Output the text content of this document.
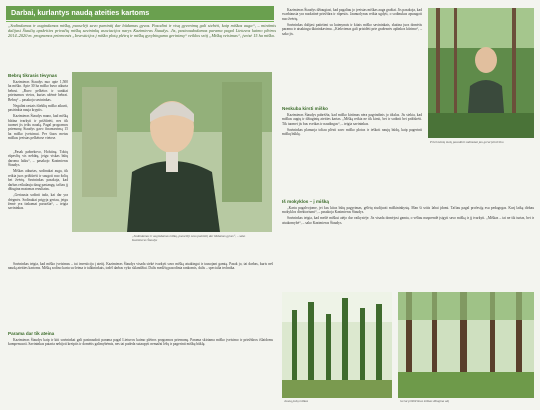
Darbai, kurlantys naudą ateities kartoms
„Sodindamas ir augindamas mišką, puoselėji savo pamintiį dar būdamas gyvas. Pasodini ir visą gyvenimą gali stebėti, kaip miškas auga“, – mintimis dalijasi Šiaulių apskrities privačių miškų savininkų asociacijos narys Kazimieras Šiaudys. Jis, pasinaudodamas parama pagal Lietuvos kaimo plėtros 2014–2020 m. programos priemonės „Investicijos į miško plotų plėtrą ir miškų gyvybingumo gerinimą“ veiklos sritį „Miškų veisimas“, įveisė 15 ha miško.
Bebrų tikrasis tėvynas

Kazimieras Šiaudys nuo apie 1,500 ha miško. Apie 30 ha miško buvo atkurta bebrui. „Buvo pelkėtos ir sunkiai prieinamos vietos, kurias užėmė bebrai. Bebrų“ – pasakoja savininkas.

Negalint rastais išteklių miško atkurti, pasirinkta nauja kryptis.

Kazimieras Šiaudys mano, kad mišką būtina tvarkyti ir prižiūrėti, nes tik tuomet jis teiks naudą. Pagal programos priemonę Šiaudys gavo finansavimą 15 ha miško įveisimui. Per šiuos metus miškas įveistas pelkėtose vietose.

„Sodindamas ir augindamas mišką, puoselėji savo pamintiį dar būdamas gyvas“, – sako Kazimieras Šiaudys

„Pasak pašnekovo, Holstiną. Tokių rūpesčių vis nebūtų, jeigu viskas būtų daroma laiku“, – pasakojo Kazimieras Šiaudys.

Miškas atkurtas, sodinukai auga, tik reikia juos prižiūrėti ir saugoti nuo žolių bei žvėrių. Savininkas pasakoja, kad darbas reikalauja daug pastangų, tačiau jį džiugina matomas rezultatas.

„Geriausia sodinti tada, kai dar yra drėgmės. Sodinukai prigyja geriau, jeigu žemė yra tinkamai paruošta“, – teigia savininkas.

Savininkas teigia, kad miško įveisimas – tai investicija į ateitį. Kazimieras Šiaudys visada siekė tvarkyti savo mišką atsakingai ir tausojant gamtą. Pasak jo, tai darbas, kuris neš naudą ateities kartoms. Mišką sodino kartu su šeima ir talkininkais, todėl darbas vyko sklandžiai. Dalis medžių pasodinta rankomis, dalis – specialia technika.

Parama dar tik ateina

Kazimieras Šiaudys kaip ir kiti savininkai gali pasinaudoti parama pagal Lietuvos kaimo plėtros programos priemonę. Parama skiriama miško įveisimo ir priežiūros išlaidoms kompensuoti. Savininkas pataria nebijoti kreiptis ir domėtis galimybėmis, nes tai padeda sutaupyti nemažai lėšų ir pagerinti miškų būklę.

Kazimieras Šiaudys džiaugiasi, kad pagaliau jo įveistas miškas auga gražiai. Jis pasakoja, kad svarbiausia yra nuolatinė priežiūra ir rūpestis. Jaunuolynus reikia ugdyti, o sodinukus apsaugoti nuo žvėrių.

Savininkas dalijasi patirtimi su kaimynais ir kitais miško savininkais, skatina juos domėtis parama ir atsakingu ūkininkavimu. „Kiekvienas gali prisidėti prie gražesnės aplinkos kūrimo“, – sako jis.

Prieš keletą metų pasodinti sodinukai jau gerai įsitvirtino
Neskuba kirsti miško

Kazimieras Šiaudys pabrėžia, kad miško kirtimas nėra pagrindinis jo tikslas. Jis siekia, kad miškas augtų ir džiugintų ateities kartas. „Mišką reikia ne tik kirsti, bet ir sodinti bei prižiūrėti. Tik tuomet jis bus sveikas ir naudingas“, – teigia savininkas.

Savininkas planuoja toliau plėsti savo miško plotus ir ieškoti naujų būdų, kaip pagerinti miškų būklę.

Iš mokyklos – į mišką

„Kartu pagalvojome, jei kas kitus būtų pagyrimas, gėlėtų studijuoti miškininkystę. Man ši sritis labai įdomi. Tačiau pagal profesiją esu pedagogas. Kurį laiką dirbau mokyklos direktoriumi“, – pasakoja Kazimieras Šiaudys.

Savininkas teigia, kad meilė miškui atėjo dar vaikystėje. Jis visada domėjosi gamta, o vėliau nusprendė įsigyti savo mišką ir jį tvarkyti. „Miškas – tai ne tik turtas, bet ir atsakomybė“, – sako Kazimieras Šiaudys.

Jauną pušų miškas	Gerai prižiūrimas miškas džiugina akį
